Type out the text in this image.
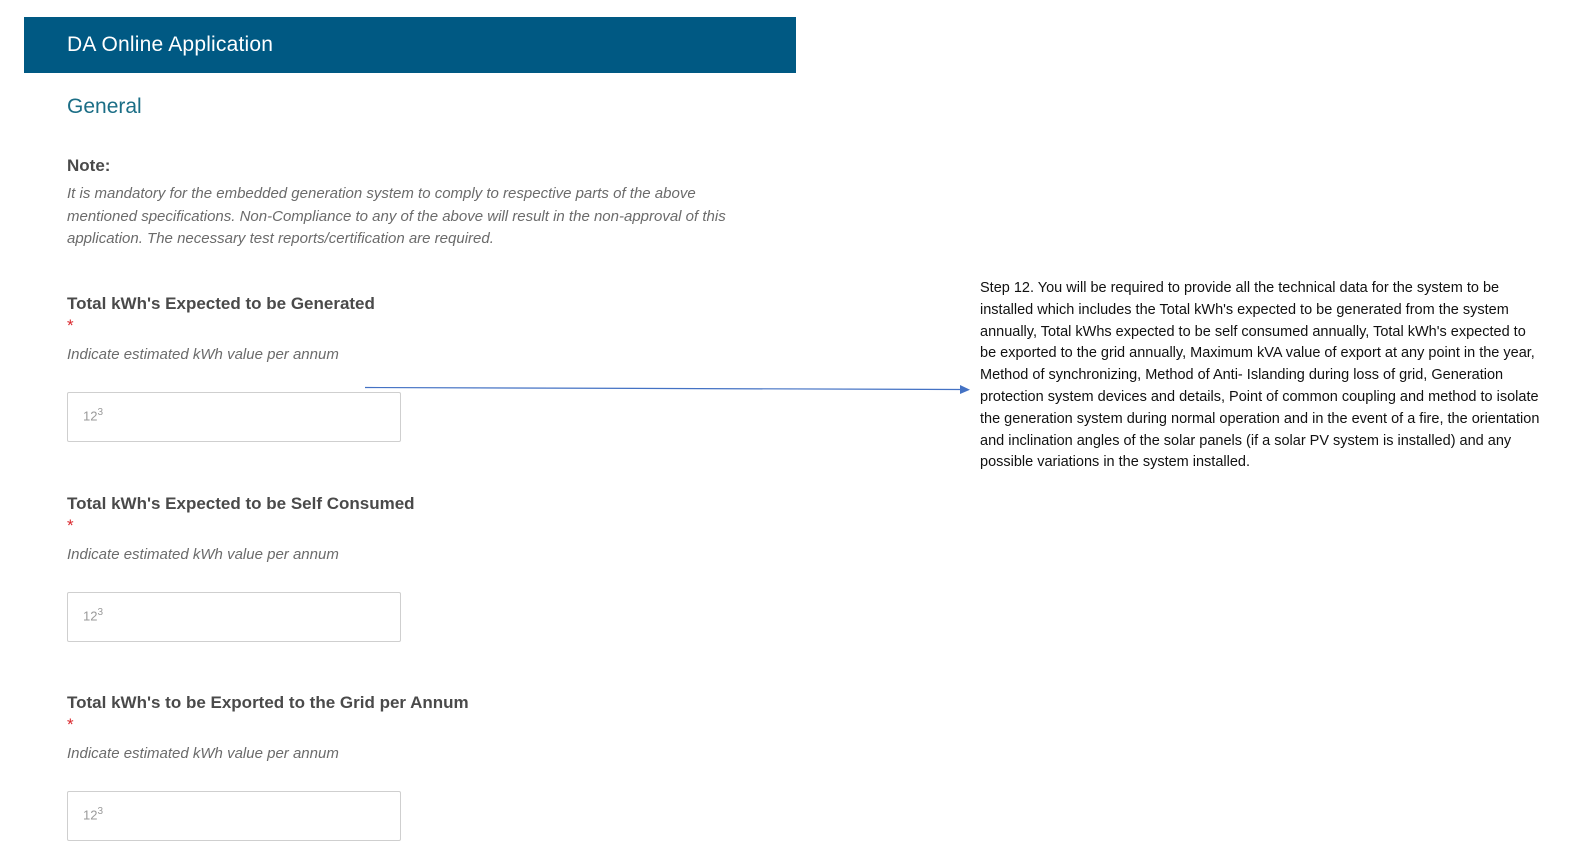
DA Online Application
General
Note:
It is mandatory for the embedded generation system to comply to respective parts of the above mentioned specifications. Non-Compliance to any of the above will result in the non-approval of this application. The necessary test reports/certification are required.
Total kWh's Expected to be Generated
*
Indicate estimated kWh value per annum
$12^3$
Total kWh's Expected to be Self Consumed
*
Indicate estimated kWh value per annum
$12^3$
Total kWh's to be Exported to the Grid per Annum
*
Indicate estimated kWh value per annum
$12^3$
Step 12. You will be required to provide all the technical data for the system to be installed which includes the Total kWh's expected to be generated from the system annually, Total kWhs expected to be self consumed annually, Total kWh's expected to be exported to the grid annually, Maximum kVA value of export at any point in the year, Method of synchronizing, Method of Anti- Islanding during loss of grid, Generation protection system devices and details, Point of common coupling and method to isolate the generation system during normal operation and in the event of a fire, the orientation and inclination angles of the solar panels (if a solar PV system is installed) and any possible variations in the system installed.
